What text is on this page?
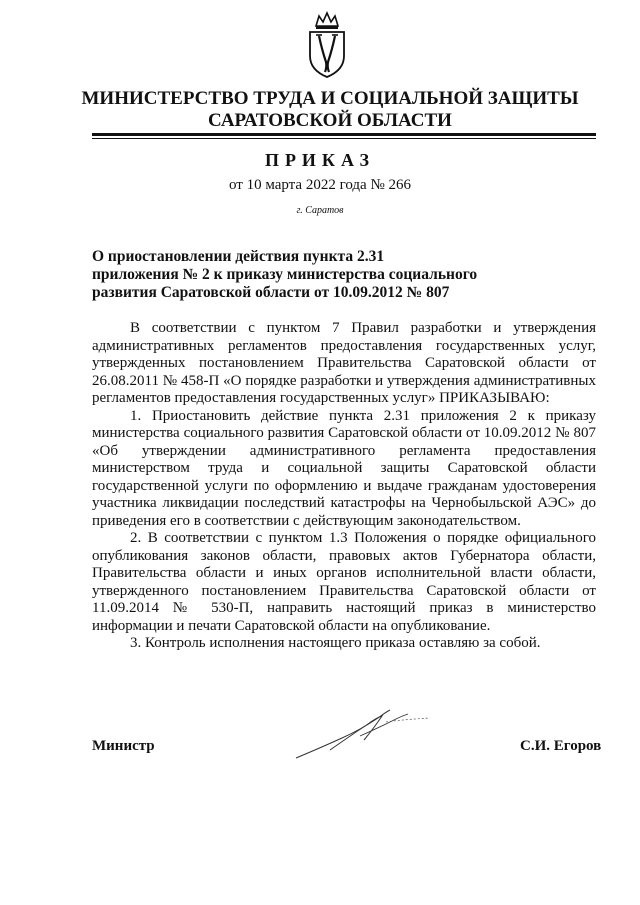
МИНИСТЕРСТВО ТРУДА И СОЦИАЛЬНОЙ ЗАЩИТЫ
САРАТОВСКОЙ ОБЛАСТИ
ПРИКАЗ
от 10 марта 2022 года № 266
г. Саратов
О приостановлении действия пункта 2.31
приложения № 2 к приказу министерства социального
развития Саратовской области от 10.09.2012 № 807

В соответствии с пунктом 7 Правил разработки и утверждения административных регламентов предоставления государственных услуг, утвержденных постановлением Правительства Саратовской области от 26.08.2011 № 458-П «О порядке разработки и утверждения административных регламентов предоставления государственных услуг» ПРИКАЗЫВАЮ:

1. Приостановить действие пункта 2.31 приложения 2 к приказу министерства социального развития Саратовской области от 10.09.2012 № 807 «Об утверждении административного регламента предоставления министерством труда и социальной защиты Саратовской области государственной услуги по оформлению и выдаче гражданам удостоверения участника ликвидации последствий катастрофы на Чернобыльской АЭС» до приведения его в соответствии с действующим законодательством.

2. В соответствии с пунктом 1.3 Положения о порядке официального опубликования законов области, правовых актов Губернатора области, Правительства области и иных органов исполнительной власти области, утвержденного постановлением Правительства Саратовской области от 11.09.2014 № 530-П, направить настоящий приказ в министерство информации и печати Саратовской области на опубликование.

3. Контроль исполнения настоящего приказа оставляю за собой.

Министр	С.И. Егоров
